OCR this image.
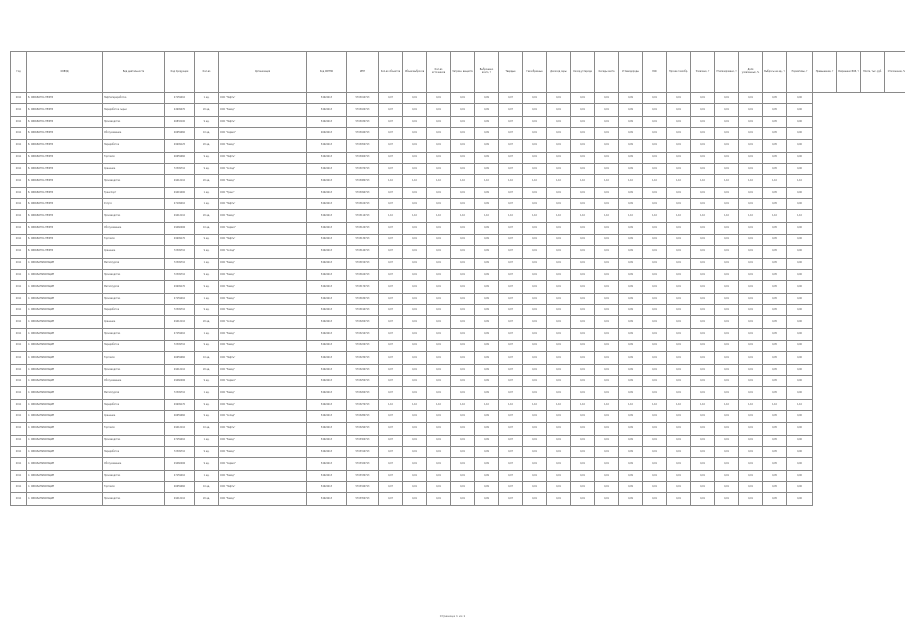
Год	ОКВЭД	Вид деятельности	Код продукции	Кол-во	Организация	Код ОКТМО	ИНН	Кол-во объектов	Объем выбросов	Кол-во источников	Загрязн. веществ	Выброшено всего, т	Твердые	Газообразные	Диоксид серы	Оксид углерода	Оксиды азота	Углеводороды	ЛОС	Прочие газообр.	Уловлено, т	Утилизировано, т	Доля уловленных, %	Выбросы на ед., т	Нормативы, т	Превышение, т	Разрешено ВСВ, т	Плата, тыс. руб.	Отклонение, %
2011	Б. ОБРАБОТКА НЕФТИ	Нефтепереработка	47159010	1 ед.	ООО "Нефть"	54624413	5703019713	0,07	0,01	0,01	0,01	0,09	0,07	0,01	0,01	0,01	0,01	0,09	0,01	0,01	0,01	0,01	0,01	0,05	0,00				
2011	Б. ОБРАБОТКА НЕФТИ	Переработка сырья	44999070	20 ед.	ООО "Завод"	54624413	5703029713	0,07	0,01	0,01	0,01	0,09	0,07	0,01	0,01	0,01	0,01	0,09	0,01	0,01	0,01	0,01	0,01	0,05	0,00				
2011	Б. ОБРАБОТКА НЕФТИ	Производство	46832100	9 ед.	ООО "Нефть"	54624413	5703039713	0,07	0,01	0,01	0,01	0,09	0,07	0,01	0,01	0,01	0,01	0,09	0,01	0,01	0,01	0,01	0,01	0,05	0,00				
2011	Б. ОБРАБОТКА НЕФТИ	Обслуживание	46659960	10 ед.	ООО "Сервис"	46624413	5703049713	0,07	0,01	0,01	0,01	0,09	0,07	0,01	0,01	0,01	0,01	0,09	0,01	0,01	0,01	0,01	0,01	0,05	0,00				
2011	Б. ОБРАБОТКА НЕФТИ	Переработка	49999125	20 ед.	ООО "Завод"	54624413	5703059713	0,07	0,01	0,01	0,01	0,09	0,07	0,01	0,01	0,01	0,01	0,09	0,01	0,01	0,01	0,01	0,01	0,05	0,00				
2011	Б. ОБРАБОТКА НЕФТИ	Торговля	46659960	9 ед.	ООО "Нефть"	54624413	5703069713	0,07	0,01	0,01	0,01	0,09	0,07	0,01	0,01	0,01	0,01	0,09	0,01	0,01	0,01	0,01	0,01	0,05	0,00				
2011	Б. ОБРАБОТКА НЕФТИ	Хранение	72309710	9 ед.	ООО "Склад"	54624413	5703079713	0,07	0,01	0,01	0,01	0,09	0,07	0,01	0,01	0,01	0,01	0,09	0,01	0,01	0,01	0,01	0,01	0,05	0,00				
2011	Б. ОБРАБОТКА НЕФТИ	Производство	49412110	20 ед.	ООО "Завод"	54624413	5703089713	1,10	1,10	1,10	1,10	1,10	1,10	1,10	1,10	1,10	1,10	1,10	1,10	1,10	1,10	1,10	1,10	1,10	1,10				
2011	Б. ОБРАБОТКА НЕФТИ	Транспорт	49419000	1 ед.	ООО "Транс"	54624413	5703099713	0,07	0,01	0,01	0,01	0,09	0,07	0,01	0,01	0,01	0,01	0,09	0,01	0,01	0,01	0,01	0,01	0,05	0,00				
2011	Б. ОБРАБОТКА НЕФТИ	Услуги	47199010	1 ед.	ООО "Нефть"	54624413	5703109713	0,07	0,01	0,01	0,01	0,09	0,07	0,01	0,01	0,01	0,01	0,09	0,01	0,01	0,01	0,01	0,01	0,05	0,00				
2011	Б. ОБРАБОТКА НЕФТИ	Производство	49412110	20 ед.	ООО "Завод"	54624413	5703119713	1,10	1,10	1,10	1,10	1,10	1,10	1,10	1,10	1,10	1,10	1,10	1,10	1,10	1,10	1,10	1,10	1,10	1,10				
2011	Б. ОБРАБОТКА НЕФТИ	Обслуживание	29460006	10 ед.	ООО "Сервис"	54624413	5703129713	0,07	0,01	0,01	0,01	0,09	0,07	0,01	0,01	0,01	0,01	0,09	0,01	0,01	0,01	0,01	0,01	0,05	0,00				
2011	Б. ОБРАБОТКА НЕФТИ	Торговля	49999170	9 ед.	ООО "Нефть"	54624413	5703139713	0,07	0,01	0,01	0,01	0,09	0,07	0,01	0,01	0,01	0,01	0,09	0,01	0,01	0,01	0,01	0,01	0,05	0,00				
2011	Б. ОБРАБОТКА НЕФТИ	Хранение	72309710	9 ед.	ООО "Склад"	54624413	5703149713	0,07	0,01	0,01	0,01	0,09	0,07	0,01	0,01	0,01	0,01	0,09	0,01	0,01	0,01	0,01	0,01	0,05	0,00				
2011	С. ОБРАБАТЫВАЮЩИЕ	Металлургия	72309710	1 ед.	ООО "Завод"	54624413	5703159713	0,07	0,01	0,01	0,01	0,09	0,07	0,01	0,01	0,01	0,01	0,09	0,01	0,01	0,01	0,01	0,01	0,05	0,00				
2011	С. ОБРАБАТЫВАЮЩИЕ	Производство	72309710	9 ед.	ООО "Завод"	54624413	5703169713	0,07	0,01	0,01	0,01	0,09	0,07	0,01	0,01	0,01	0,01	0,09	0,01	0,01	0,01	0,01	0,01	0,05	0,00				
2011	С. ОБРАБАТЫВАЮЩИЕ	Металлургия	49999170	9 ед.	ООО "Завод"	54624413	5703179713	0,07	0,01	0,01	0,01	0,09	0,07	0,01	0,01	0,01	0,01	0,09	0,01	0,01	0,01	0,01	0,01	0,05	0,00				
2011	С. ОБРАБАТЫВАЮЩИЕ	Производство	47159010	1 ед.	ООО "Завод"	54624413	5703189713	0,07	0,01	0,01	0,01	0,09	0,07	0,01	0,01	0,01	0,01	0,09	0,01	0,01	0,01	0,01	0,01	0,05	0,00				
2011	С. ОБРАБАТЫВАЮЩИЕ	Переработка	72309710	9 ед.	ООО "Завод"	54624413	5703199713	0,07	0,01	0,01	0,01	0,09	0,07	0,01	0,01	0,01	0,01	0,09	0,01	0,01	0,01	0,01	0,01	0,05	0,00				
2011	С. ОБРАБАТЫВАЮЩИЕ	Хранение	49412110	20 ед.	ООО "Склад"	54624413	5703209713	0,07	0,01	0,01	0,01	0,09	0,07	0,01	0,01	0,01	0,01	0,09	0,01	0,01	0,01	0,01	0,01	0,05	0,00				
2011	С. ОБРАБАТЫВАЮЩИЕ	Производство	47159010	1 ед.	ООО "Завод"	54624413	5703219713	0,07	0,01	0,01	0,01	0,09	0,07	0,01	0,01	0,01	0,01	0,09	0,01	0,01	0,01	0,01	0,01	0,05	0,00				
2011	С. ОБРАБАТЫВАЮЩИЕ	Переработка	72309710	9 ед.	ООО "Завод"	54624413	5703229713	0,07	0,01	0,01	0,01	0,09	0,07	0,01	0,01	0,01	0,01	0,09	0,01	0,01	0,01	0,01	0,01	0,05	0,00				
2011	С. ОБРАБАТЫВАЮЩИЕ	Торговля	46659960	10 ед.	ООО "Нефть"	54624413	5703239713	0,07	0,01	0,01	0,01	0,09	0,07	0,01	0,01	0,01	0,01	0,09	0,01	0,01	0,01	0,01	0,01	0,05	0,00				
2011	С. ОБРАБАТЫВАЮЩИЕ	Производство	49412110	20 ед.	ООО "Завод"	54624413	5703249713	0,07	0,01	0,01	0,01	0,09	0,07	0,01	0,01	0,01	0,01	0,09	0,01	0,01	0,01	0,01	0,01	0,05	0,00				
2011	С. ОБРАБАТЫВАЮЩИЕ	Обслуживание	29460006	9 ед.	ООО "Сервис"	54624413	5703259713	0,07	0,01	0,01	0,01	0,09	0,07	0,01	0,01	0,01	0,01	0,09	0,01	0,01	0,01	0,01	0,01	0,05	0,00				
2011	С. ОБРАБАТЫВАЮЩИЕ	Металлургия	72309710	1 ед.	ООО "Завод"	54624413	5703269713	0,07	0,01	0,01	0,01	0,09	0,07	0,01	0,01	0,01	0,01	0,09	0,01	0,01	0,01	0,01	0,01	0,05	0,00				
2011	С. ОБРАБАТЫВАЮЩИЕ	Переработка	49999170	9 ед.	ООО "Завод"	54624413	5703279713	1,10	1,10	1,10	1,10	1,10	1,10	1,10	1,10	1,10	1,10	1,10	1,10	1,10	1,10	1,10	1,10	1,10	1,10				
2011	С. ОБРАБАТЫВАЮЩИЕ	Хранение	46659960	9 ед.	ООО "Склад"	54624413	5703289713	0,07	0,01	0,01	0,01	0,09	0,07	0,01	0,01	0,01	0,01	0,09	0,01	0,01	0,01	0,01	0,01	0,05	0,00				
2011	С. ОБРАБАТЫВАЮЩИЕ	Торговля	49412110	10 ед.	ООО "Нефть"	54624413	5703299713	0,07	0,01	0,01	0,01	0,09	0,07	0,01	0,01	0,01	0,01	0,09	0,01	0,01	0,01	0,01	0,01	0,05	0,00				
2011	С. ОБРАБАТЫВАЮЩИЕ	Производство	47159010	1 ед.	ООО "Завод"	54624413	5703309713	0,07	0,01	0,01	0,01	0,09	0,07	0,01	0,01	0,01	0,01	0,09	0,01	0,01	0,01	0,01	0,01	0,05	0,00				
2011	С. ОБРАБАТЫВАЮЩИЕ	Переработка	72309710	9 ед.	ООО "Завод"	54624413	5703319713	0,07	0,01	0,01	0,01	0,09	0,07	0,01	0,01	0,01	0,01	0,09	0,01	0,01	0,01	0,01	0,01	0,05	0,00				
2011	С. ОБРАБАТЫВАЮЩИЕ	Обслуживание	29460006	9 ед.	ООО "Сервис"	54624413	5703329713	0,07	0,01	0,01	0,01	0,09	0,07	0,01	0,01	0,01	0,01	0,09	0,01	0,01	0,01	0,01	0,01	0,05	0,00				
2011	С. ОБРАБАТЫВАЮЩИЕ	Производство	47159010	1 ед.	ООО "Завод"	54624413	5703339713	0,07	0,01	0,01	0,01	0,09	0,07	0,01	0,01	0,01	0,01	0,09	0,01	0,01	0,01	0,01	0,01	0,05	0,00				
2011	С. ОБРАБАТЫВАЮЩИЕ	Торговля	46659960	10 ед.	ООО "Нефть"	54624413	5703349713	0,07	0,01	0,01	0,01	0,09	0,07	0,01	0,01	0,01	0,01	0,09	0,01	0,01	0,01	0,01	0,01	0,05	0,00				
2011	С. ОБРАБАТЫВАЮЩИЕ	Производство	49412110	20 ед.	ООО "Завод"	54624413	5703359713	0,07	0,01	0,01	0,01	0,09	0,07	0,01	0,01	0,01	0,01	0,09	0,01	0,01	0,01	0,01	0,01	0,05	0,00				
Страница 1 из 1
